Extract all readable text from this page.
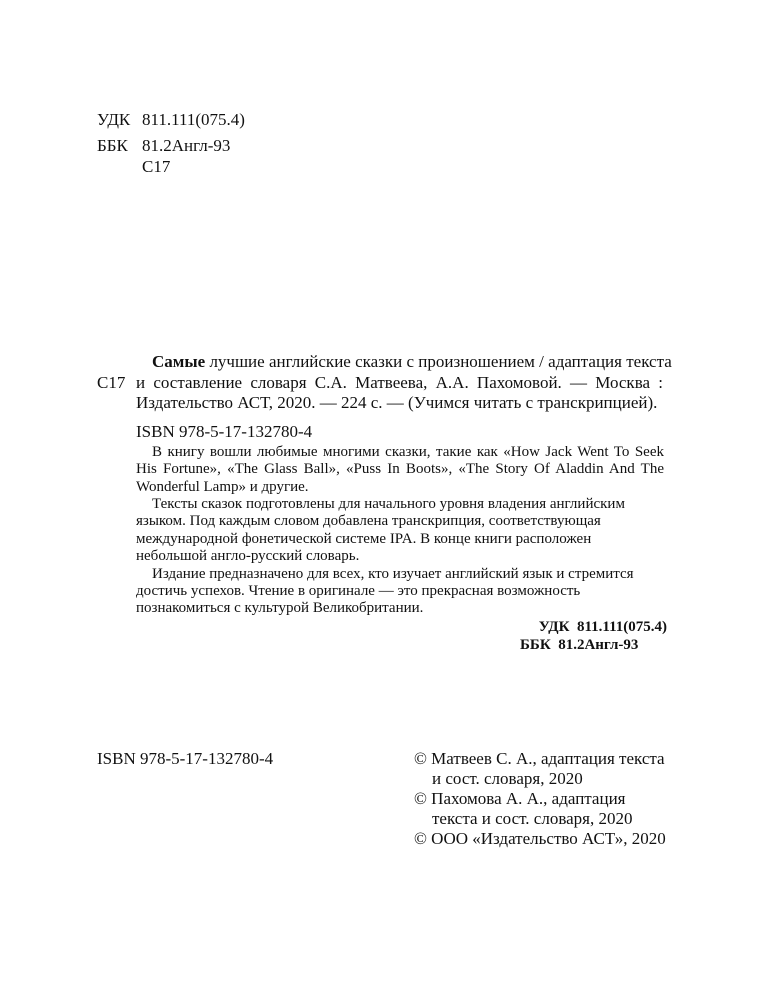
УДК 811.111(075.4)
ББК 81.2Англ-93
С17
С17
Самые лучшие английские сказки с произношением / адаптация текста
и составление словаря С.А. Матвеева, А.А. Пахомовой. — Москва :
Издательство АСТ, 2020. — 224 с. — (Учимся читать с транскрипцией).
ISBN 978-5-17-132780-4
В книгу вошли любимые многими сказки, такие как «How Jack Went To Seek
His Fortune», «The Glass Ball», «Puss In Boots», «The Story Of Aladdin And The
Wonderful Lamp» и другие.
Тексты сказок подготовлены для начального уровня владения английским
языком. Под каждым словом добавлена транскрипция, соответствующая
международной фонетической системе IPA. В конце книги расположен
небольшой англо-русский словарь.
Издание предназначено для всех, кто изучает английский язык и стремится
достичь успехов. Чтение в оригинале — это прекрасная возможность
познакомиться с культурой Великобритании.
УДК  811.111(075.4)
ББК  81.2Англ-93
ISBN 978-5-17-132780-4	© Матвеев С. А., адаптация текста
и сост. словаря, 2020
© Пахомова А. А., адаптация
текста и сост. словаря, 2020
© ООО «Издательство АСТ», 2020
